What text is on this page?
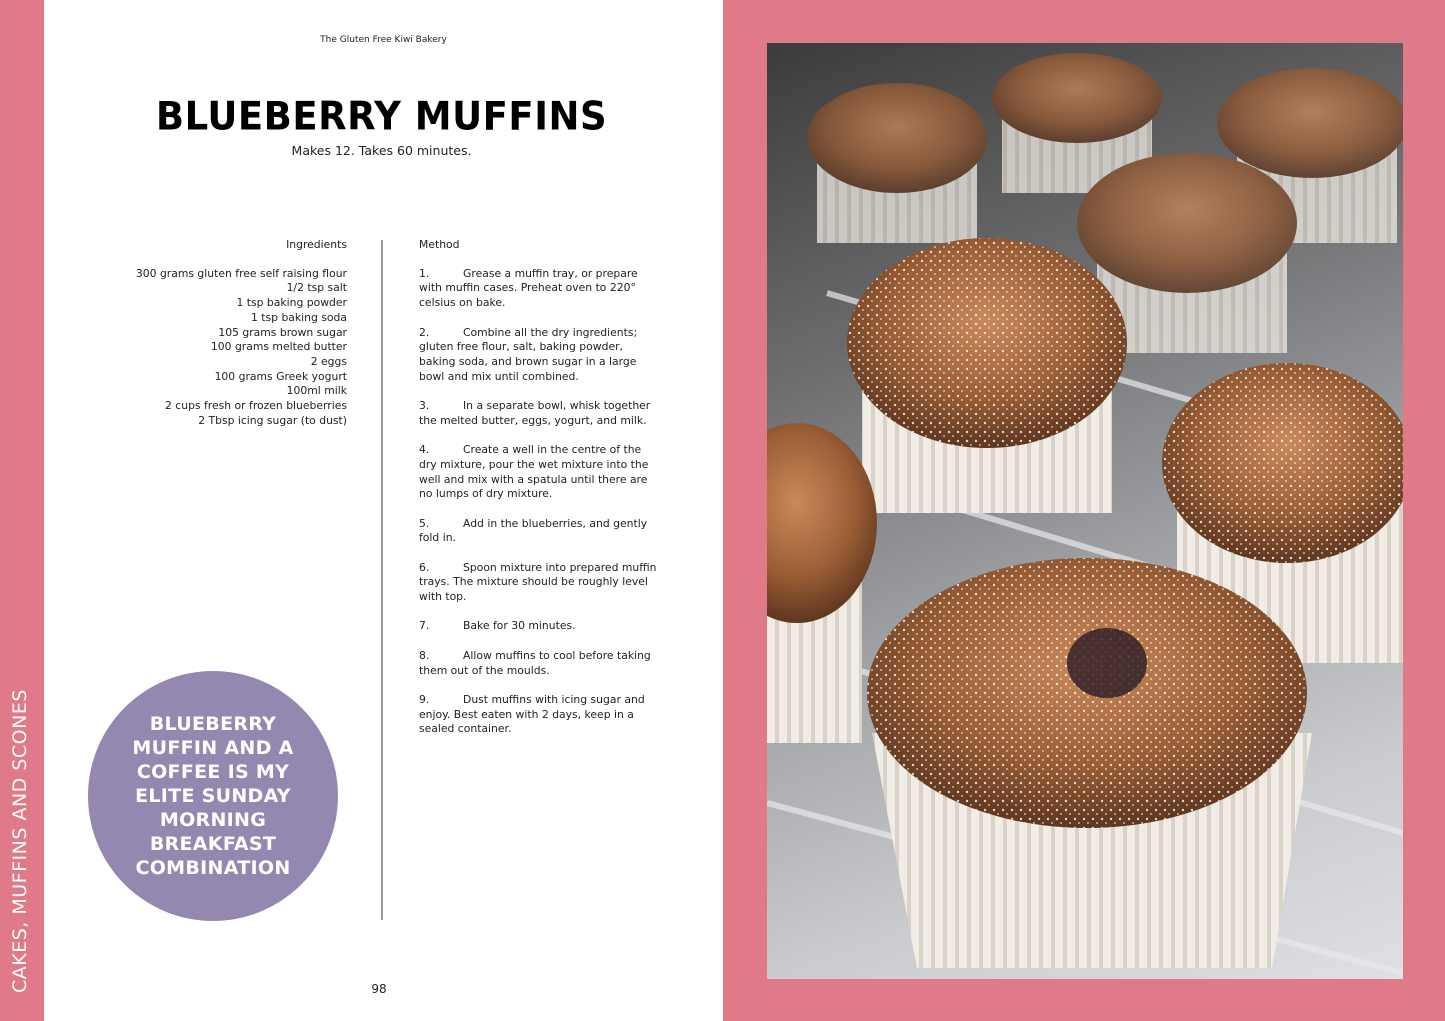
CAKES, MUFFINS AND SCONES
The Gluten Free Kiwi Bakery
BLUEBERRY MUFFINS
Makes 12. Takes 60 minutes.
Ingredients
300 grams gluten free self raising flour
1/2 tsp salt
1 tsp baking powder
1 tsp baking soda
105 grams brown sugar
100 grams melted butter
2 eggs
100 grams Greek yogurt
100ml milk
2 cups fresh or frozen blueberries
2 Tbsp icing sugar (to dust)
Method
1.	Grease a muffin tray, or prepare with muffin cases. Preheat oven to 220° celsius on bake.
2.	Combine all the dry ingredients; gluten free flour, salt, baking powder, baking soda, and brown sugar in a large bowl and mix until combined.
3.	In a separate bowl, whisk together the melted butter, eggs, yogurt, and milk.
4.	Create a well in the centre of the dry mixture, pour the wet mixture into the well and mix with a spatula until there are no lumps of dry mixture.
5.	Add in the blueberries, and gently fold in.
6.	Spoon mixture into prepared muffin trays. The mixture should be roughly level with top.
7.	Bake for 30 minutes.
8.	Allow muffins to cool before taking them out of the moulds.
9.	Dust muffins with icing sugar and enjoy. Best eaten with 2 days, keep in a sealed container.
BLUEBERRY
MUFFIN AND A
COFFEE IS MY
ELITE SUNDAY
MORNING
BREAKFAST
COMBINATION
98
